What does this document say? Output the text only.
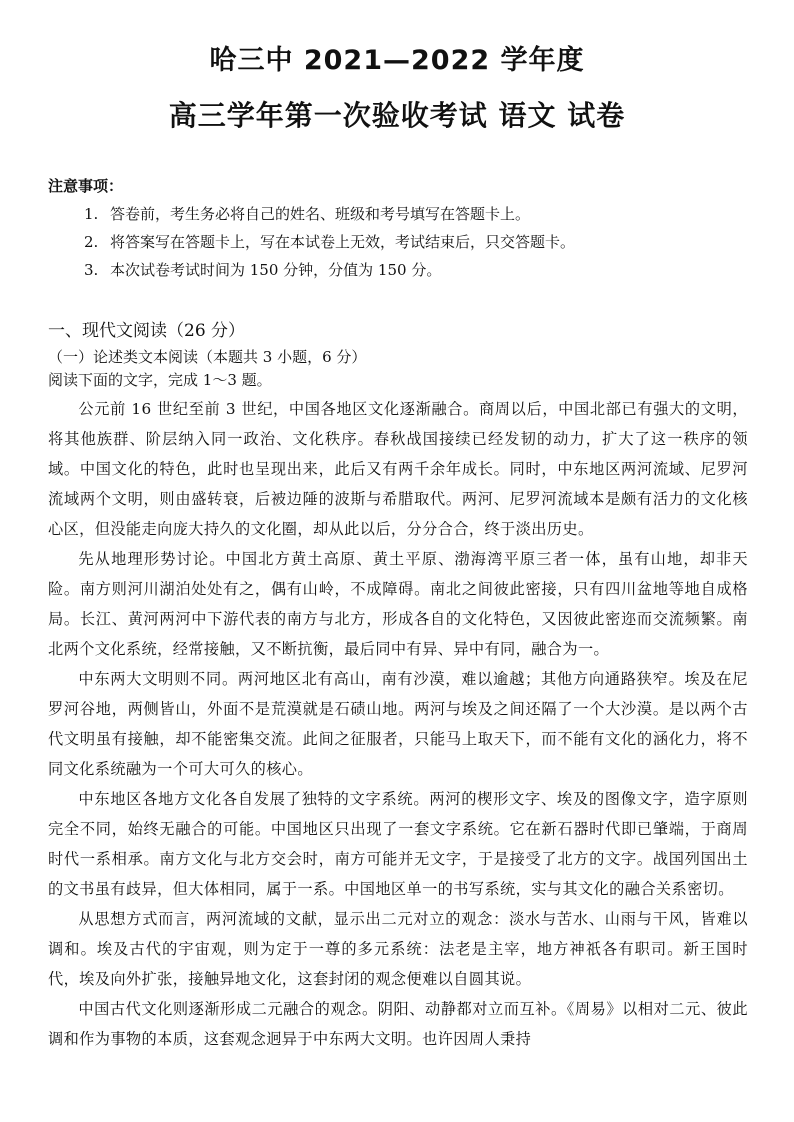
哈三中 2021—2022 学年度
高三学年第一次验收考试 语文 试卷
注意事项：
1. 答卷前，考生务必将自己的姓名、班级和考号填写在答题卡上。
2. 将答案写在答题卡上，写在本试卷上无效，考试结束后，只交答题卡。
3. 本次试卷考试时间为 150 分钟，分值为 150 分。
一、现代文阅读（26 分）
（一）论述类文本阅读（本题共 3 小题，6 分）
阅读下面的文字，完成 1～3 题。

公元前 16 世纪至前 3 世纪，中国各地区文化逐渐融合。商周以后，中国北部已有强大的文明，将其他族群、阶层纳入同一政治、文化秩序。春秋战国接续已经发韧的动力，扩大了这一秩序的领域。中国文化的特色，此时也呈现出来，此后又有两千余年成长。同时，中东地区两河流域、尼罗河流域两个文明，则由盛转衰，后被边陲的波斯与希腊取代。两河、尼罗河流域本是颇有活力的文化核心区，但没能走向庞大持久的文化圈，却从此以后，分分合合，终于淡出历史。

先从地理形势讨论。中国北方黄土高原、黄土平原、渤海湾平原三者一体，虽有山地，却非天险。南方则河川湖泊处处有之，偶有山岭，不成障碍。南北之间彼此密接，只有四川盆地等地自成格局。长江、黄河两河中下游代表的南方与北方，形成各自的文化特色，又因彼此密迩而交流频繁。南北两个文化系统，经常接触，又不断抗衡，最后同中有异、异中有同，融合为一。

中东两大文明则不同。两河地区北有高山，南有沙漠，难以逾越；其他方向通路狭窄。埃及在尼罗河谷地，两侧皆山，外面不是荒漠就是石碛山地。两河与埃及之间还隔了一个大沙漠。是以两个古代文明虽有接触，却不能密集交流。此间之征服者，只能马上取天下，而不能有文化的涵化力，将不同文化系统融为一个可大可久的核心。

中东地区各地方文化各自发展了独特的文字系统。两河的楔形文字、埃及的图像文字，造字原则完全不同，始终无融合的可能。中国地区只出现了一套文字系统。它在新石器时代即已肇端，于商周时代一系相承。南方文化与北方交会时，南方可能并无文字，于是接受了北方的文字。战国列国出土的文书虽有歧异，但大体相同，属于一系。中国地区单一的书写系统，实与其文化的融合关系密切。

从思想方式而言，两河流域的文献，显示出二元对立的观念：淡水与苦水、山雨与干风，皆难以调和。埃及古代的宇宙观，则为定于一尊的多元系统：法老是主宰，地方神祇各有职司。新王国时代，埃及向外扩张，接触异地文化，这套封闭的观念便难以自圆其说。

中国古代文化则逐渐形成二元融合的观念。阴阳、动静都对立而互补。《周易》以相对二元、彼此调和作为事物的本质，这套观念迥异于中东两大文明。也许因周人秉持
